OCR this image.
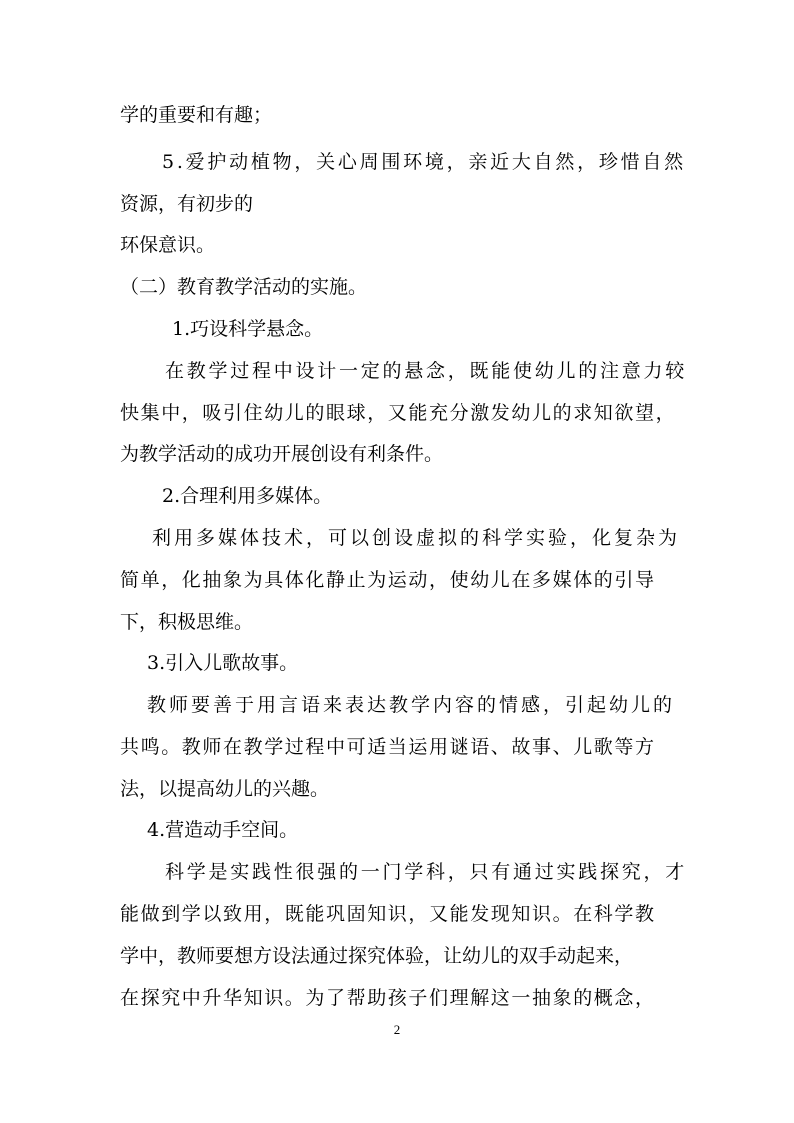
学的重要和有趣；
5.爱护动植物，关心周围环境，亲近大自然，珍惜自然
资源，有初步的
环保意识。
（二）教育教学活动的实施。
1.巧设科学悬念。
在教学过程中设计一定的悬念，既能使幼儿的注意力较
快集中，吸引住幼儿的眼球，又能充分激发幼儿的求知欲望，
为教学活动的成功开展创设有利条件。
2.合理利用多媒体。
利用多媒体技术，可以创设虚拟的科学实验，化复杂为
简单，化抽象为具体化静止为运动，使幼儿在多媒体的引导
下，积极思维。
3.引入儿歌故事。
教师要善于用言语来表达教学内容的情感，引起幼儿的
共鸣。教师在教学过程中可适当运用谜语、故事、儿歌等方
法，以提高幼儿的兴趣。
4.营造动手空间。
科学是实践性很强的一门学科，只有通过实践探究，才
能做到学以致用，既能巩固知识，又能发现知识。在科学教
学中，教师要想方设法通过探究体验，让幼儿的双手动起来，
在探究中升华知识。为了帮助孩子们理解这一抽象的概念，
2
